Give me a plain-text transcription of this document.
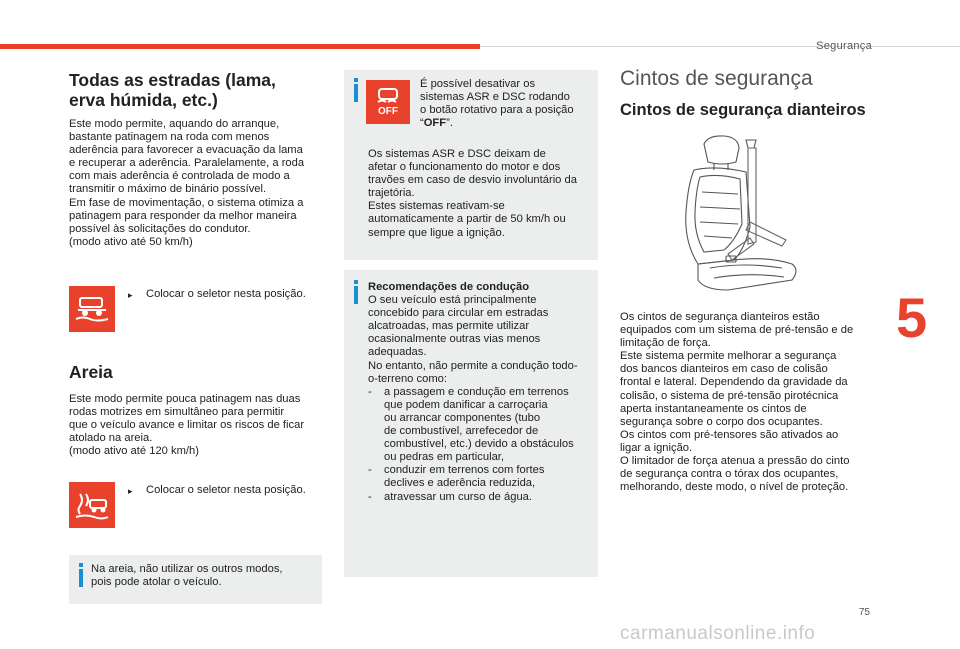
Segurança
5
75
carmanualsonline.info
Todas as estradas (lama,
erva húmida, etc.)

Este modo permite, aquando do arranque,

bastante patinagem na roda com menos

aderência para favorecer a evacuação da lama

e recuperar a aderência. Paralelamente, a roda

com mais aderência é controlada de modo a

transmitir o máximo de binário possível.

Em fase de movimentação, o sistema otimiza a

patinagem para responder da melhor maneira

possível às solicitações do condutor.

(modo ativo até 50 km/h)

▸	Colocar o seletor nesta posição.
Areia

Este modo permite pouca patinagem nas duas

rodas motrizes em simultâneo para permitir

que o veículo avance e limitar os riscos de ficar

atolado na areia.

(modo ativo até 120 km/h)

▸	Colocar o seletor nesta posição.

Na areia, não utilizar os outros modos,

pois pode atolar o veículo.

OFF

É possível desativar os

sistemas ASR e DSC rodando

o botão rotativo para a posição

“OFF”.

Os sistemas ASR e DSC deixam de

afetar o funcionamento do motor e dos

travões em caso de desvio involuntário da

trajetória.

Estes sistemas reativam-se

automaticamente a partir de 50 km/h ou

sempre que ligue a ignição.

Recomendações de condução

O seu veículo está principalmente

concebido para circular em estradas

alcatroadas, mas permite utilizar

ocasionalmente outras vias menos

adequadas.

No entanto, não permite a condução todo-

o-terreno como:

-	a passagem e condução em terrenos

que podem danificar a carroçaria

ou arrancar componentes (tubo

de combustível, arrefecedor de

combustível, etc.) devido a obstáculos

ou pedras em particular,

-	conduzir em terrenos com fortes

declives e aderência reduzida,

-	atravessar um curso de água.

Cintos de segurança
Cintos de segurança dianteiros

Os cintos de segurança dianteiros estão

equipados com um sistema de pré-tensão e de

limitação de força.

Este sistema permite melhorar a segurança

dos bancos dianteiros em caso de colisão

frontal e lateral. Dependendo da gravidade da

colisão, o sistema de pré-tensão pirotécnica

aperta instantaneamente os cintos de

segurança sobre o corpo dos ocupantes.

Os cintos com pré-tensores são ativados ao

ligar a ignição.

O limitador de força atenua a pressão do cinto

de segurança contra o tórax dos ocupantes,

melhorando, deste modo, o nível de proteção.
